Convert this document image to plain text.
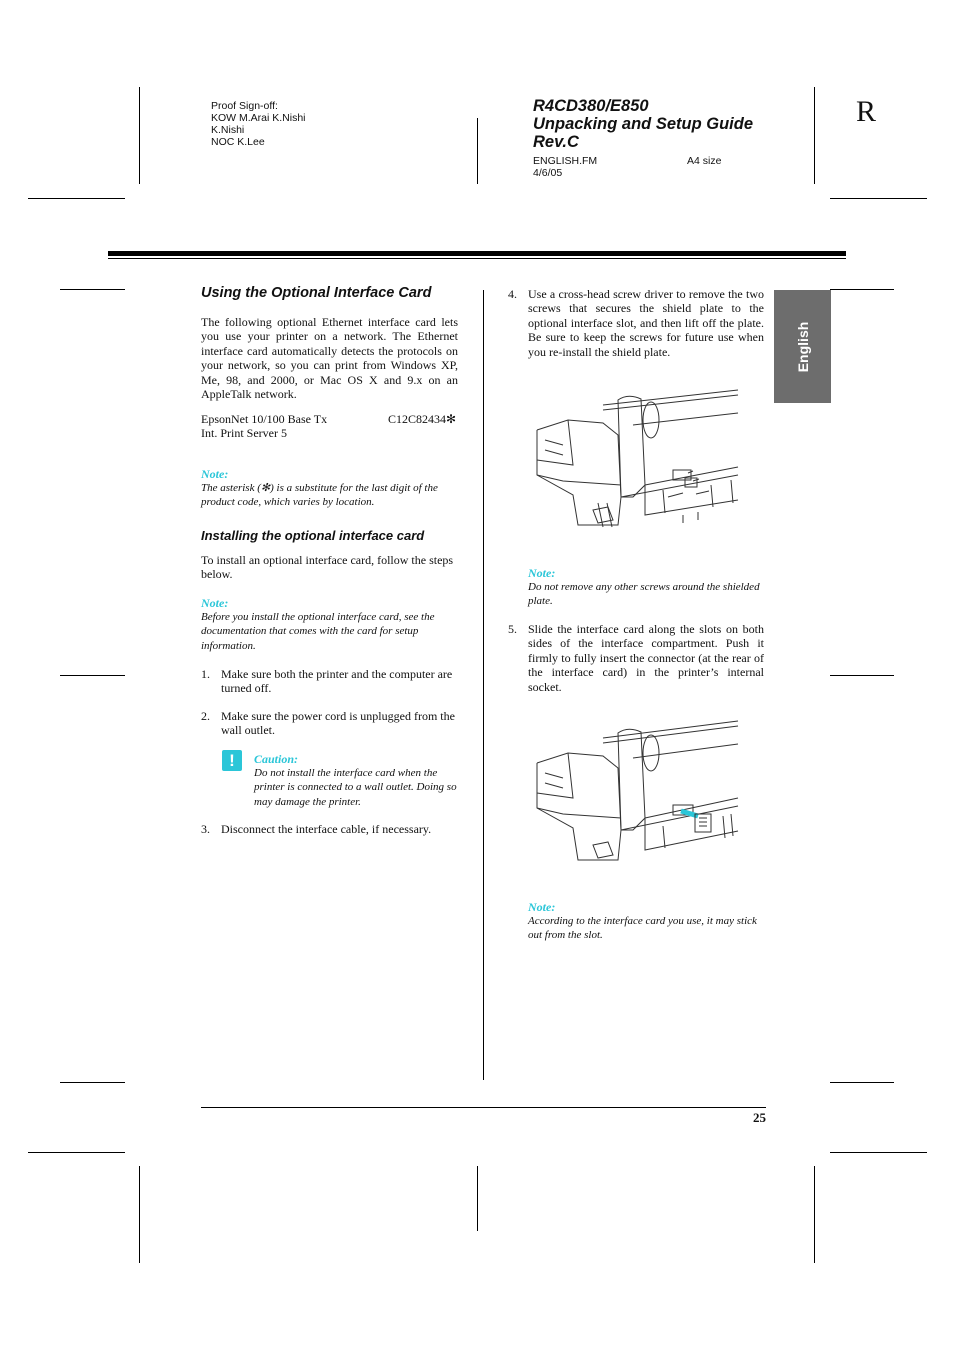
Proof Sign-off:
KOW M.Arai K.Nishi
K.Nishi
NOC K.Lee
R4CD380/E850
Unpacking and Setup Guide
Rev.C
ENGLISH.FM	A4 size
4/6/05
R
English
Using the Optional Interface Card
The following optional Ethernet interface card lets you use your printer on a network. The Ethernet interface card automatically detects the protocols on your network, so you can print from Windows XP, Me, 98, and 2000, or Mac OS X and 9.x on an AppleTalk network.
EpsonNet 10/100 Base Tx
Int. Print Server 5
C12C82434✻
Note:
The asterisk (✻) is a substitute for the last digit of the product code, which varies by location.
Installing the optional interface card
To install an optional interface card, follow the steps below.
Note:
Before you install the optional interface card, see the documentation that comes with the card for setup information.
1. Make sure both the printer and the computer are turned off.
2. Make sure the power cord is unplugged from the wall outlet.
!	Caution:
Do not install the interface card when the printer is connected to a wall outlet. Doing so may damage the printer.
3. Disconnect the interface cable, if necessary.
4. Use a cross-head screw driver to remove the two screws that secures the shield plate to the optional interface slot, and then lift off the plate. Be sure to keep the screws for future use when you re-install the shield plate.
Note:
Do not remove any other screws around the shielded plate.
5. Slide the interface card along the slots on both sides of the interface compartment. Push it firmly to fully insert the connector (at the rear of the interface card) in the printer’s internal socket.
Note:
According to the interface card you use, it may stick out from the slot.
25
